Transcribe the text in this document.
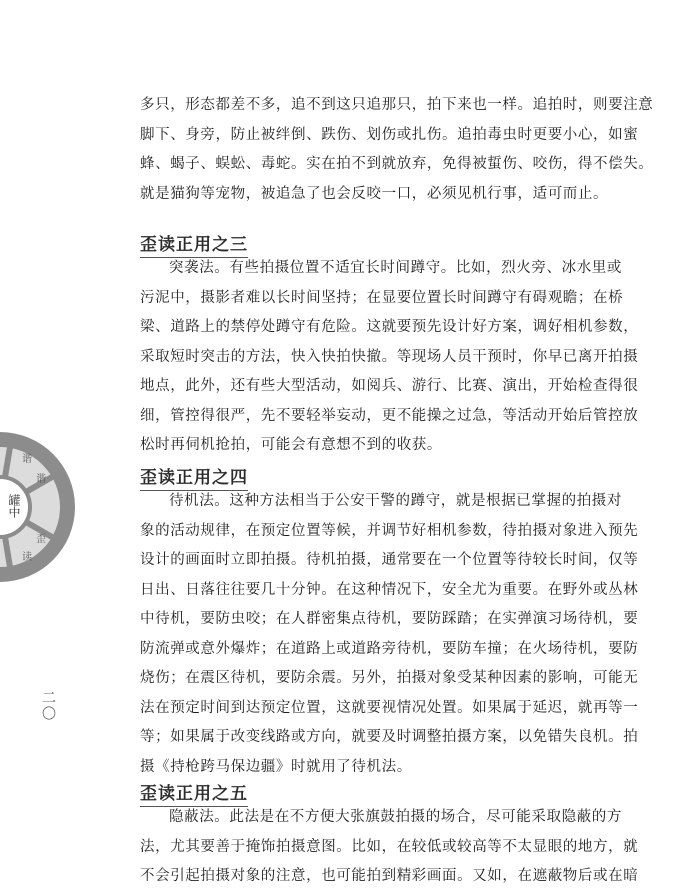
多只，形态都差不多，追不到这只追那只，拍下来也一样。追拍时，则要注意
脚下、身旁，防止被绊倒、跌伤、划伤或扎伤。追拍毒虫时更要小心，如蜜
蜂、蝎子、蜈蚣、毒蛇。实在拍不到就放弃，免得被蜇伤、咬伤，得不偿失。
就是猫狗等宠物，被追急了也会反咬一口，必须见机行事，适可而止。

歪读正用之三

突袭法。有些拍摄位置不适宜长时间蹲守。比如，烈火旁、冰水里或

污泥中，摄影者难以长时间坚持；在显要位置长时间蹲守有碍观瞻；在桥
梁、道路上的禁停处蹲守有危险。这就要预先设计好方案，调好相机参数，
采取短时突击的方法，快入快拍快撤。等现场人员干预时，你早已离开拍摄
地点，此外，还有些大型活动，如阅兵、游行、比赛、演出，开始检查得很
细，管控得很严，先不要轻举妄动，更不能操之过急，等活动开始后管控放
松时再伺机抢拍，可能会有意想不到的收获。

歪读正用之四

待机法。这种方法相当于公安干警的蹲守，就是根据已掌握的拍摄对

象的活动规律，在预定位置等候，并调节好相机参数，待拍摄对象进入预先
设计的画面时立即拍摄。待机拍摄，通常要在一个位置等待较长时间，仅等
日出、日落往往要几十分钟。在这种情况下，安全尤为重要。在野外或丛林
中待机，要防虫咬；在人群密集点待机，要防踩踏；在实弹演习场待机，要
防流弹或意外爆炸；在道路上或道路旁待机，要防车撞；在火场待机，要防
烧伤；在震区待机，要防余震。另外，拍摄对象受某种因素的影响，可能无
法在预定时间到达预定位置，这就要视情况处置。如果属于延迟，就再等一
等；如果属于改变线路或方向，就要及时调整拍摄方案，以免错失良机。拍
摄《持枪跨马保边疆》时就用了待机法。

歪读正用之五

隐蔽法。此法是在不方便大张旗鼓拍摄的场合，尽可能采取隐蔽的方

法，尤其要善于掩饰拍摄意图。比如，在较低或较高等不太显眼的地方，就
不会引起拍摄对象的注意，也可能拍到精彩画面。又如，在遮蔽物后或在暗

罐中
谐
谐
歪
读
二〇
